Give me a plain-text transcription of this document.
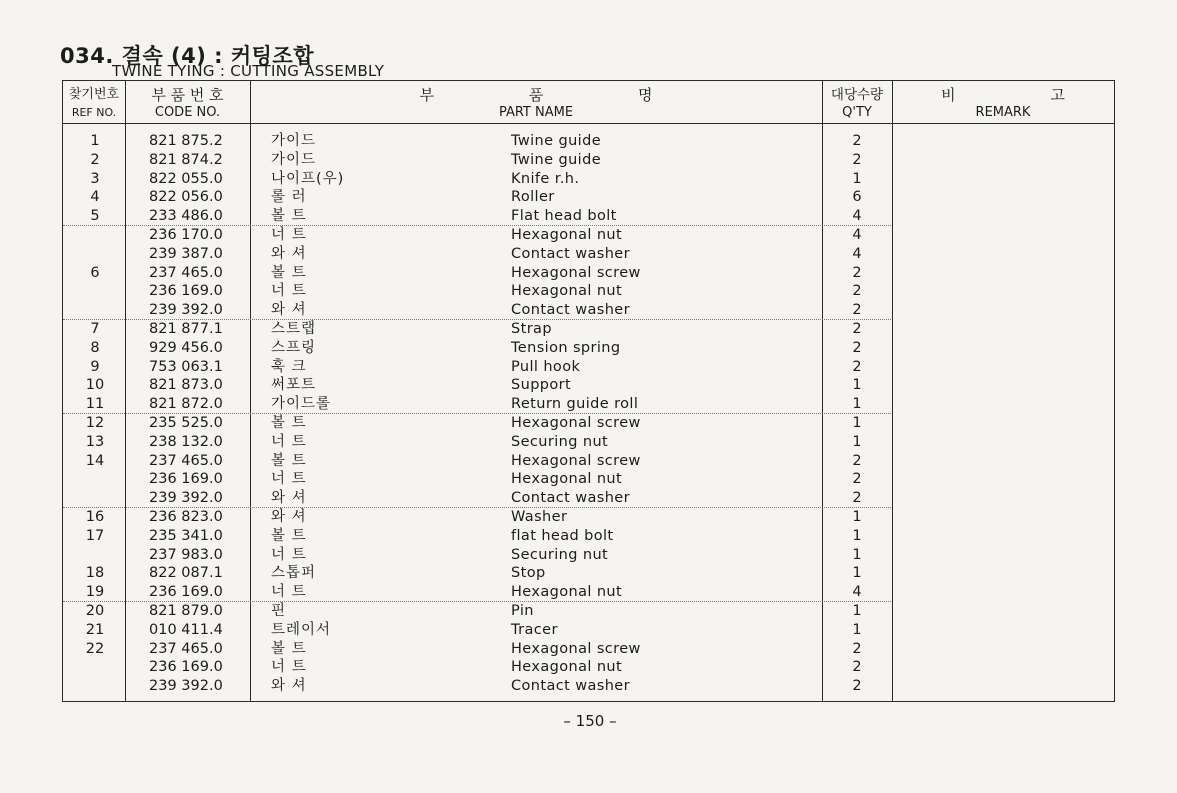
034. 결속 (4) : 커팅조합
TWINE TYING : CUTTING ASSEMBLY
찾기번호
REF NO.
부 품 번 호
CODE NO.
부 품 명
PART NAME
대당수량
Q'TY
비 고
REMARK
1	821 875.2	가이드	Twine guide	2
2	821 874.2	가이드	Twine guide	2
3	822 055.0	나이프(우)	Knife r.h.	1
4	822 056.0	롤 러	Roller	6
5	233 486.0	볼 트	Flat head bolt	4
236 170.0	너 트	Hexagonal nut	4
239 387.0	와 셔	Contact washer	4
6	237 465.0	볼 트	Hexagonal screw	2
236 169.0	너 트	Hexagonal nut	2
239 392.0	와 셔	Contact washer	2
7	821 877.1	스트랩	Strap	2
8	929 456.0	스프링	Tension spring	2
9	753 063.1	훅 크	Pull hook	2
10	821 873.0	써포트	Support	1
11	821 872.0	가이드롤	Return guide roll	1
12	235 525.0	볼 트	Hexagonal screw	1
13	238 132.0	너 트	Securing nut	1
14	237 465.0	볼 트	Hexagonal screw	2
236 169.0	너 트	Hexagonal nut	2
239 392.0	와 셔	Contact washer	2
16	236 823.0	와 셔	Washer	1
17	235 341.0	볼 트	flat head bolt	1
237 983.0	너 트	Securing nut	1
18	822 087.1	스톱퍼	Stop	1
19	236 169.0	너 트	Hexagonal nut	4
20	821 879.0	핀	Pin	1
21	010 411.4	트레이서	Tracer	1
22	237 465.0	볼 트	Hexagonal screw	2
236 169.0	너 트	Hexagonal nut	2
239 392.0	와 셔	Contact washer	2
– 150 –
